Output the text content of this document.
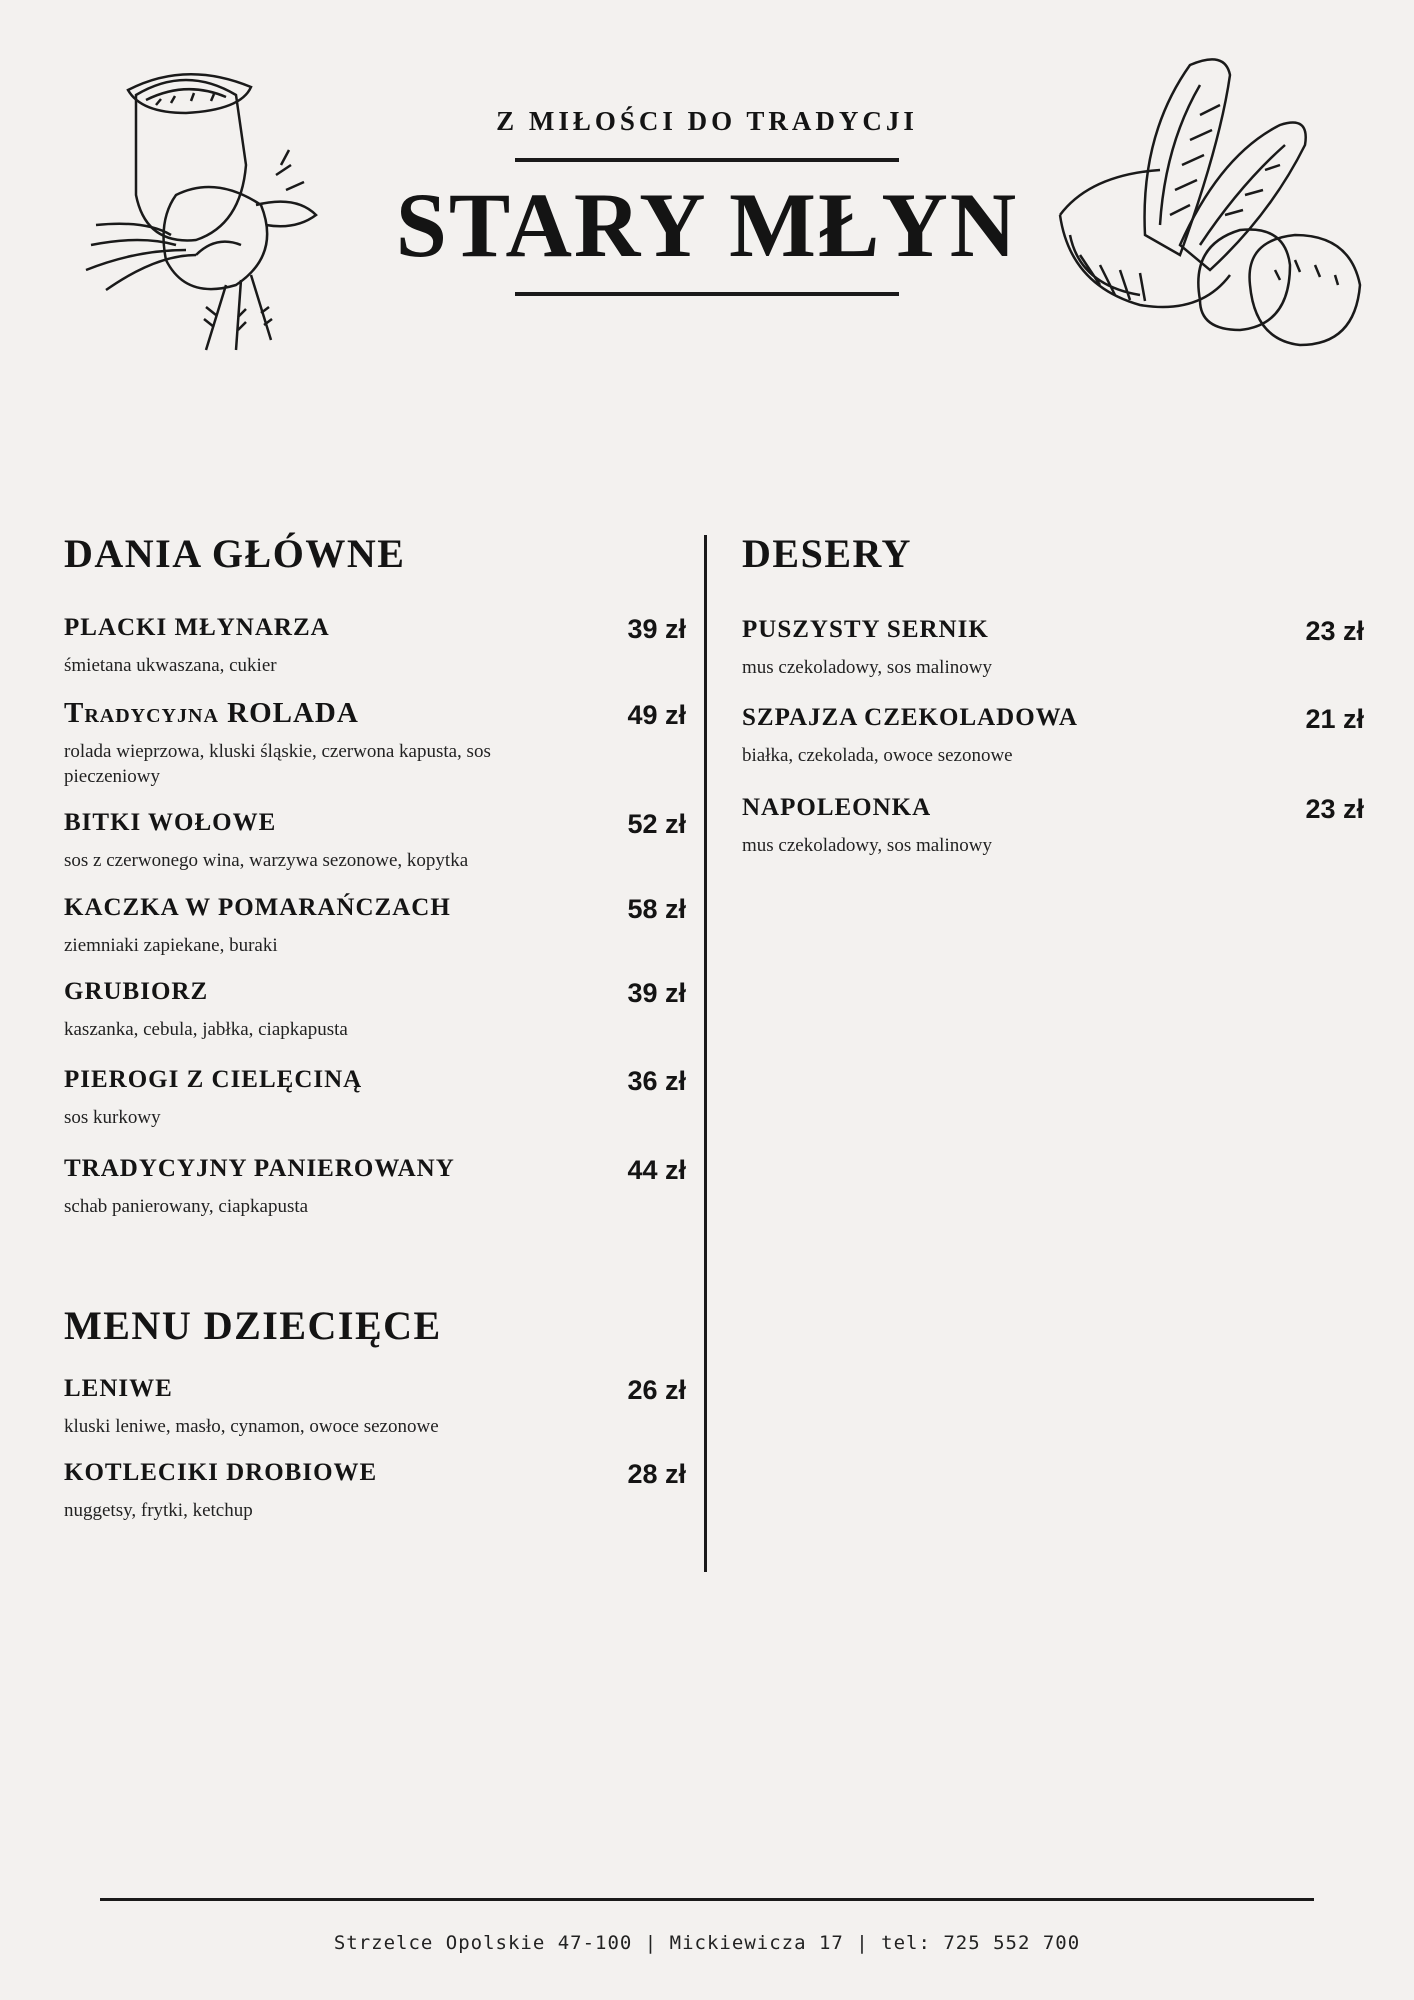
Z MIŁOŚCI DO TRADYCJI
STARY MŁYN
DANIA GŁÓWNE
PLACKI MŁYNARZA	39 zł
śmietana ukwaszana, cukier
Tradycyjna ROLADA	49 zł
rolada wieprzowa, kluski śląskie, czerwona kapusta, sos pieczeniowy
BITKI WOŁOWE	52 zł
sos z czerwonego wina, warzywa sezonowe, kopytka
KACZKA W POMARAŃCZACH	58 zł
ziemniaki zapiekane, buraki
GRUBIORZ	39 zł
kaszanka, cebula, jabłka, ciapkapusta
PIEROGI Z CIELĘCINĄ	36 zł
sos kurkowy
TRADYCYJNY PANIEROWANY	44 zł
schab panierowany, ciapkapusta
MENU DZIECIĘCE
LENIWE	26 zł
kluski leniwe, masło, cynamon, owoce sezonowe
KOTLECIKI DROBIOWE	28 zł
nuggetsy, frytki, ketchup
DESERY
PUSZYSTY SERNIK	23 zł
mus czekoladowy, sos malinowy
SZPAJZA CZEKOLADOWA	21 zł
białka, czekolada, owoce sezonowe
NAPOLEONKA	23 zł
mus czekoladowy, sos malinowy
Strzelce Opolskie 47-100 | Mickiewicza 17 | tel: 725 552 700
